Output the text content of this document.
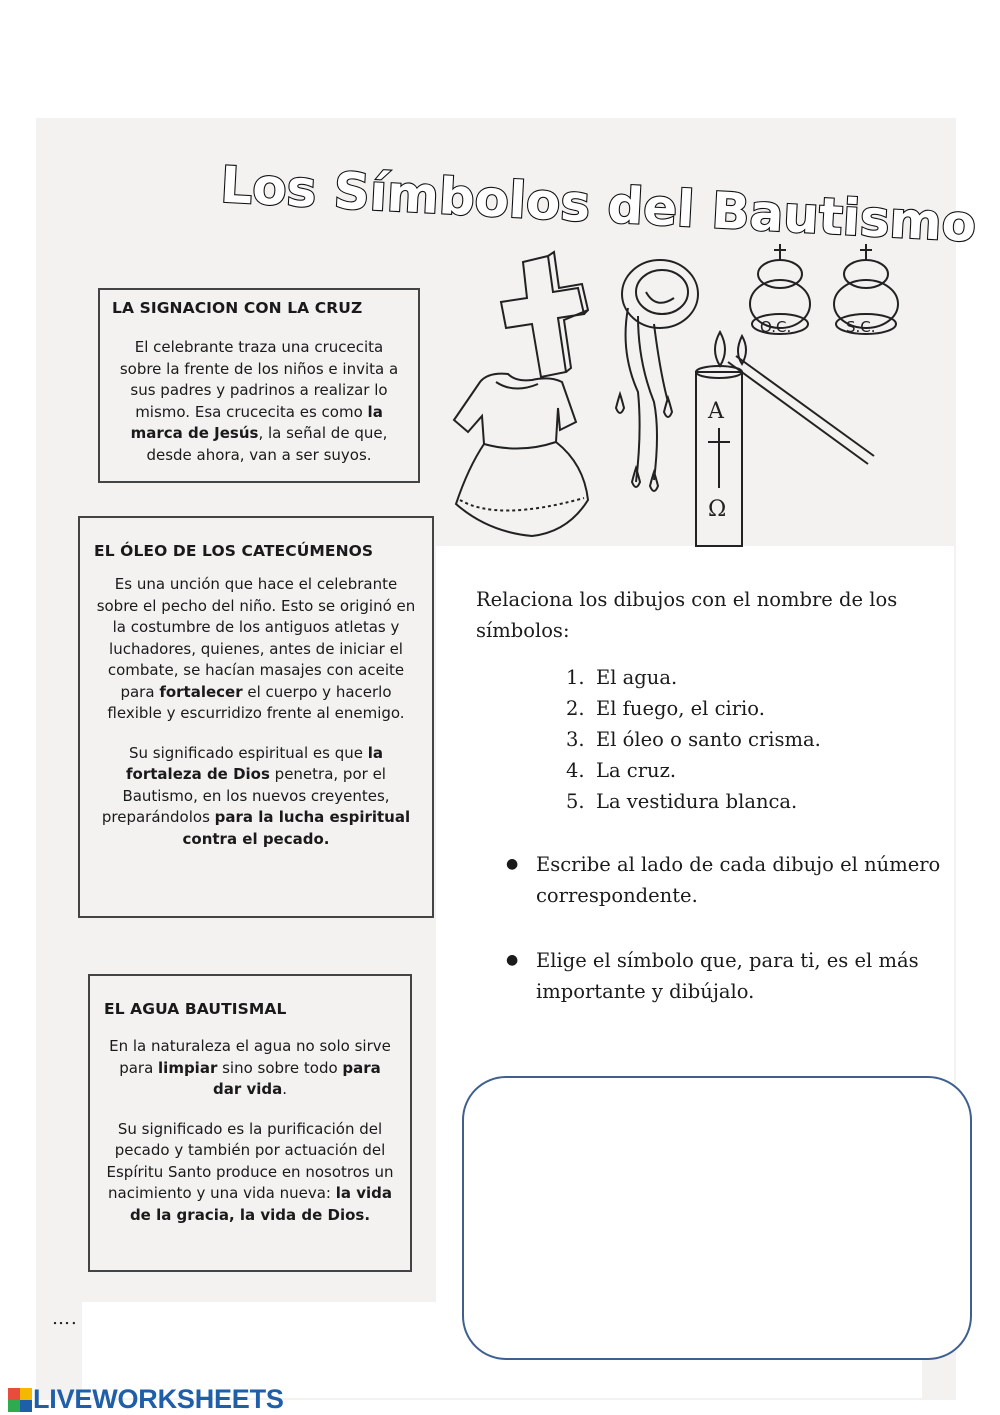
Los Símbolos del Bautismo

LA SIGNACION CON LA CRUZ

El celebrante traza una crucecita sobre la frente de los niños e invita a sus padres y padrinos a realizar lo mismo. Esa crucecita es como la marca de Jesús, la señal de que, desde ahora, van a ser suyos.

EL ÓLEO DE LOS CATECÚMENOS

Es una unción que hace el celebrante sobre el pecho del niño. Esto se originó en la costumbre de los antiguos atletas y luchadores, quienes, antes de iniciar el combate, se hacían masajes con aceite para fortalecer el cuerpo y hacerlo flexible y escurridizo frente al enemigo.

Su significado espiritual es que la fortaleza de Dios penetra, por el Bautismo, en los nuevos creyentes, preparándolos para la lucha espiritual contra el pecado.

EL AGUA BAUTISMAL

En la naturaleza el agua no solo sirve para limpiar sino sobre todo para dar vida.

Su significado es la purificación del pecado y también por actuación del Espíritu Santo produce en nosotros un nacimiento y una vida nueva: la vida de la gracia, la vida de Dios.

O.C.	S.C.
A
Ω

Relaciona los dibujos con el nombre de los símbolos:

1. El agua.
2. El fuego, el cirio.
3. El óleo o santo crisma.
4. La cruz.
5. La vestidura blanca.
● Escribe al lado de cada dibujo el número correspondente.
● Elige el símbolo que, para ti, es el más importante y dibújalo.
….
LIVEWORKSHEETS
